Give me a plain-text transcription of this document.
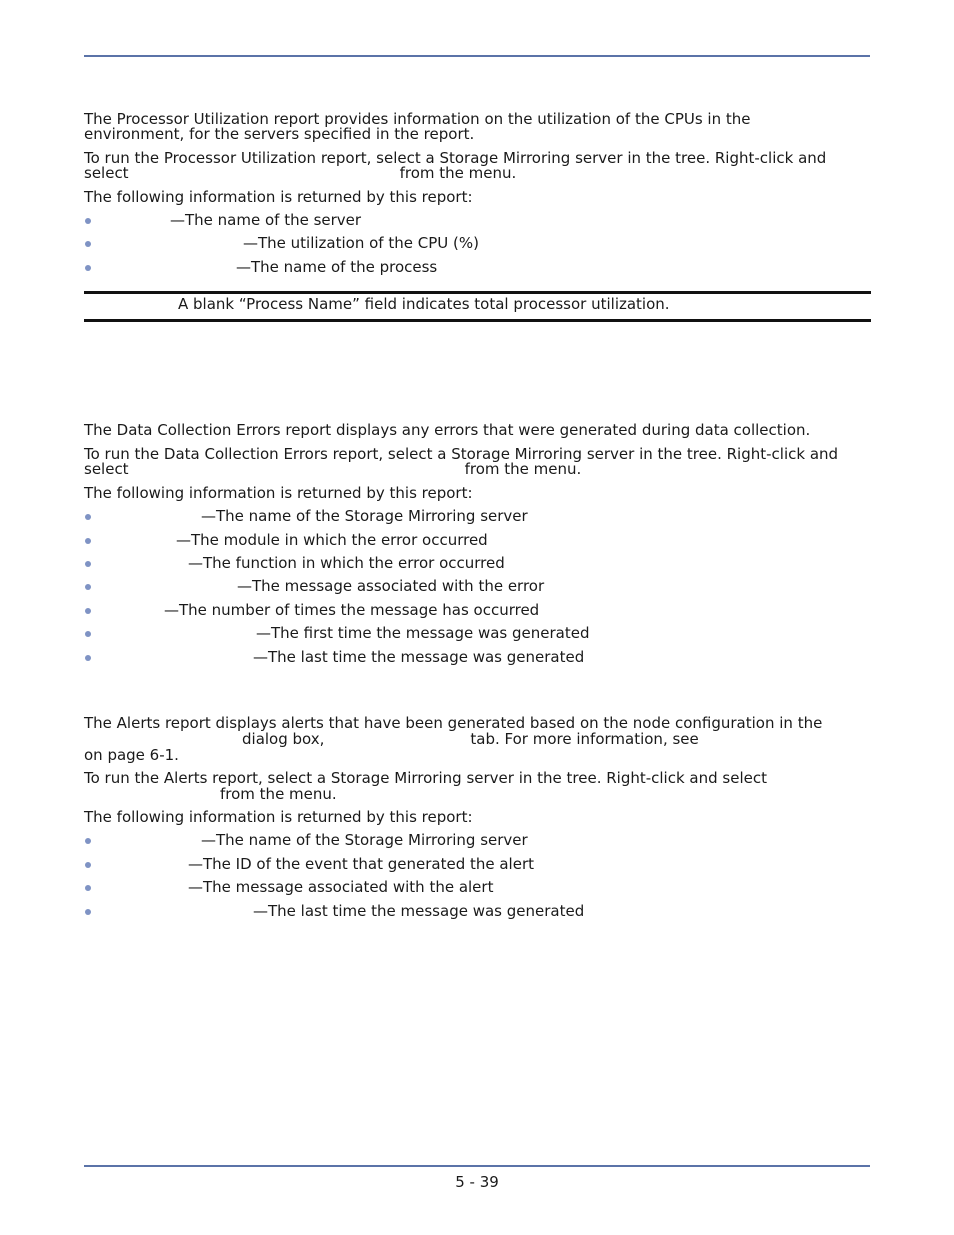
The Processor Utilization report provides information on the utilization of the CPUs in the

environment, for the servers specified in the report.

To run the Processor Utilization report, select a Storage Mirroring server in the tree. Right-click and

select	from the menu.

The following information is returned by this report:

—The name of the server
—The utilization of the CPU (%)
—The name of the process

A blank “Process Name” field indicates total processor utilization.

The Data Collection Errors report displays any errors that were generated during data collection.

To run the Data Collection Errors report, select a Storage Mirroring server in the tree. Right-click and

select	from the menu.

The following information is returned by this report:

—The name of the Storage Mirroring server
—The module in which the error occurred
—The function in which the error occurred
—The message associated with the error
—The number of times the message has occurred
—The first time the message was generated
—The last time the message was generated

The Alerts report displays alerts that have been generated based on the node configuration in the

dialog box,	tab. For more information, see

on page 6-1.

To run the Alerts report, select a Storage Mirroring server in the tree. Right-click and select

from the menu.

The following information is returned by this report:

—The name of the Storage Mirroring server
—The ID of the event that generated the alert
—The message associated with the alert
—The last time the message was generated
5 - 39
